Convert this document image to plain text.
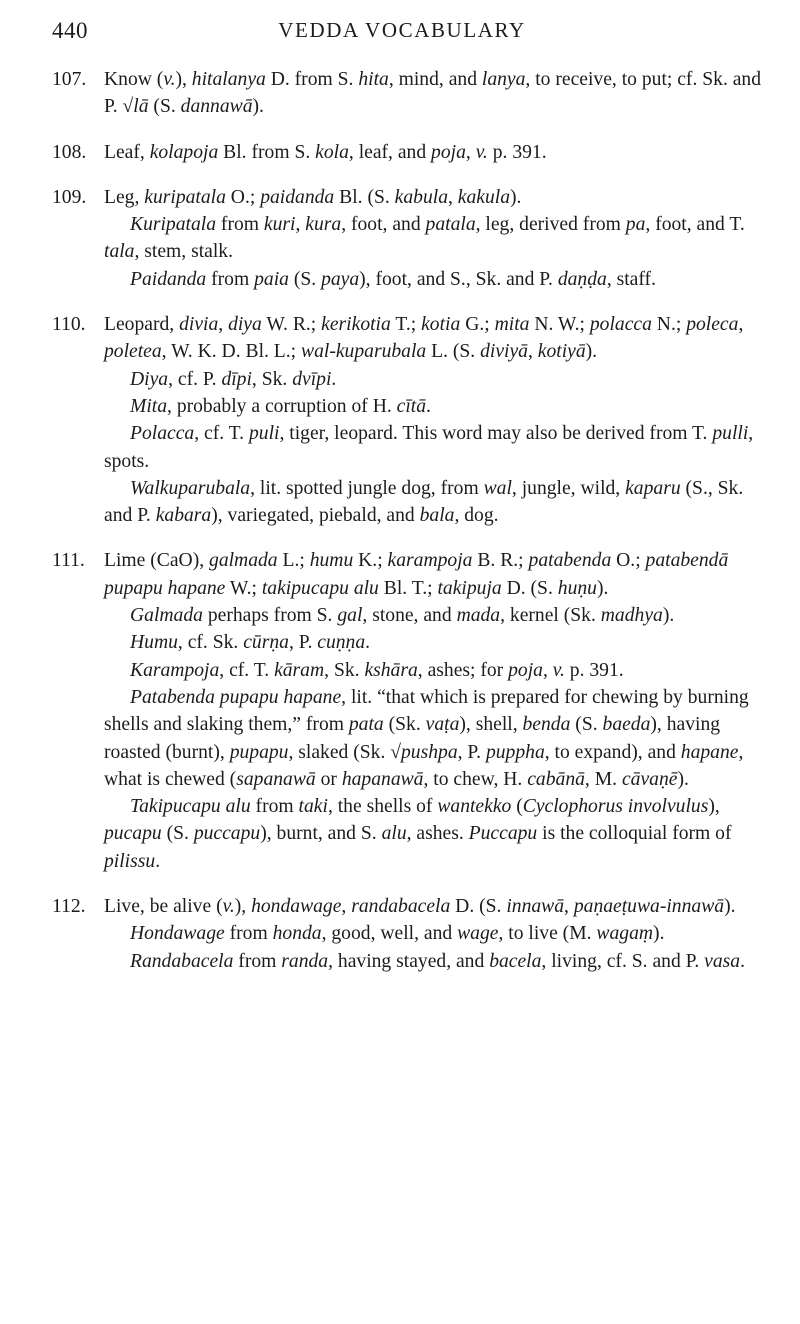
440	VEDDA VOCABULARY

107. Know (v.), hitalanya D. from S. hita, mind, and lanya, to receive, to put; cf. Sk. and P. √lā (S. dannawā).

108. Leaf, kolapoja Bl. from S. kola, leaf, and poja, v. p. 391.

109. Leg, kuripatala O.; paidanda Bl. (S. kabula, kakula).

Kuripatala from kuri, kura, foot, and patala, leg, derived from pa, foot, and T. tala, stem, stalk.

Paidanda from paia (S. paya), foot, and S., Sk. and P. daṇḍa, staff.

110. Leopard, divia, diya W. R.; kerikotia T.; kotia G.; mita N. W.; polacca N.; poleca, poletea, W. K. D. Bl. L.; wal-kuparubala L. (S. diviyā, kotiyā).

Diya, cf. P. dīpi, Sk. dvīpi.

Mita, probably a corruption of H. cītā.

Polacca, cf. T. puli, tiger, leopard. This word may also be derived from T. pulli, spots.

Walkuparubala, lit. spotted jungle dog, from wal, jungle, wild, kaparu (S., Sk. and P. kabara), variegated, piebald, and bala, dog.

111. Lime (CaO), galmada L.; humu K.; karampoja B. R.; patabenda O.; patabendā pupapu hapane W.; takipucapu alu Bl. T.; takipuja D. (S. huṇu).

Galmada perhaps from S. gal, stone, and mada, kernel (Sk. madhya).

Humu, cf. Sk. cūrṇa, P. cuṇṇa.

Karampoja, cf. T. kāram, Sk. kshāra, ashes; for poja, v. p. 391.

Patabenda pupapu hapane, lit. “that which is prepared for chewing by burning shells and slaking them,” from pata (Sk. vaṭa), shell, benda (S. baeda), having roasted (burnt), pupapu, slaked (Sk. √pushpa, P. puppha, to expand), and hapane, what is chewed (sapanawā or hapanawā, to chew, H. cabānā, M. cāvaṇē).

Takipucapu alu from taki, the shells of wantekko (Cyclophorus involvulus), pucapu (S. puccapu), burnt, and S. alu, ashes. Puccapu is the colloquial form of pilissu.

112. Live, be alive (v.), hondawage, randabacela D. (S. innawā, paṇaeṭuwa-innawā).

Hondawage from honda, good, well, and wage, to live (M. wagaṃ).

Randabacela from randa, having stayed, and bacela, living, cf. S. and P. vasa.
